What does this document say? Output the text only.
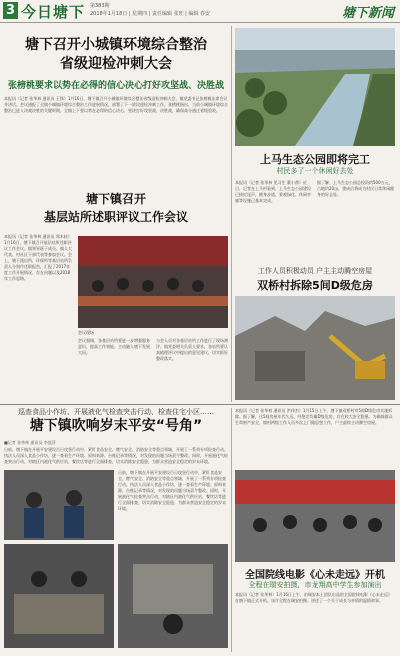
3 今日塘下 第383期
2018年1月18日 | 星期四 | 责任编辑 张旺 | 编辑 春安	塘下新闻
塘下召开小城镇环境综合整治
省级迎检冲刺大会
张榜桃要求以势在必得的信心决心打好攻坚战、决胜战
本报讯（记者 张华林 通讯员 王锋）1月16日，塘下镇召开小城镇环境综合整治省级迎检冲刺大会。镇党委书记张榜桃出席会议并讲话。会议通报了全镇小城镇环境综合整治工作进展情况，部署了下一阶段迎检冲刺工作。张榜桃指出，当前小城镇环境综合整治已进入决战决胜的关键时期，全镇上下要以势在必得的信心决心，坚决打好攻坚战、决胜战，确保高分通过省级验收。
上马生态公园即将完工
村民多了一个休闲好去处
本报讯（记者 张华林 见习生 董小茜）近日，记者在上马村看到，上马生态公园建设已接近尾声，健身步道、景观绿化、休闲亭廊等设施已基本完成。
据了解，上马生态公园总投资约500万元，占地约20亩，建成后将成为村民日常休闲健身的好去处。
工作人员积极动员 户主主动腾空房屋
双桥村拆除5间D级危房
塘下镇召开
基层站所述职评议工作会议
本报讯（记者 张华林 通讯员 郑木桂）1月16日，塘下镇召开基层站所述职评议工作会议。镇领导班子成员、镇人大代表、村社区干部代表等参加会议。会上，塘下派出所、环保所等基层站所负责人分别作述职报告，汇报了2017年度工作开展情况、存在问题以及2018年工作思路。
会议现场
会议强调，各基层站所要进一步增强服务意识，提高工作效能，主动融入塘下发展大局。
与会人员对各基层站所工作进行了现场测评。镇党委相关负责人要求，各站所要认真梳理评议中提出的意见建议，切实抓好整改落实。
巡查食品小作坊、开展液化气检查突击行动、检查住宅小区……
塘下镇吹响岁末平安“号角”
■记者 张华林 通讯员 李莲萍
日前，塘下镇在开展平安建设百日攻坚行动中，紧盯食品安全、燃气安全、消防安全等重点领域，开展了一系列专项检查行动。执法人员深入食品小作坊，逐一查看生产环境、原料来源、台账记录等情况，对发现的问题当场责令整改。同时，开展液化气检查突击行动，对辖区内液化气供应站、餐饮店等进行全面排查，切实消除安全隐患，为群众营造安全稳定的岁末环境。
日前，塘下镇在开展平安建设百日攻坚行动中，紧盯食品安全、燃气安全、消防安全等重点领域，开展了一系列专项检查行动。执法人员深入食品小作坊，逐一查看生产环境、原料来源、台账记录等情况，对发现的问题当场责令整改。同时，开展液化气检查突击行动，对辖区内液化气供应站、餐饮店等进行全面排查，切实消除安全隐患，为群众营造安全稳定的岁末环境。
本报讯（记者 张华林 通讯员 洪伟杰）1月15日上午，塘下镇双桥村对5间D级危房实施拆除。据了解，这5间房屋年代久远，经鉴定均属D级危房，存在较大安全隐患。为确保群众生命财产安全，镇村两级工作人员多次上门做思想工作，户主最终主动腾空房屋。
全国院线电影《心未走远》开机
全程在瑞安拍摄，市龙翔高中学生参加演出
本报讯（记者 张华林）1月16日上午，由瑞安本土团队出品的全国院线电影《心未走远》在塘下镇正式开机。该片全程在瑞安拍摄，讲述了一个关于成长与亲情的温情故事。
